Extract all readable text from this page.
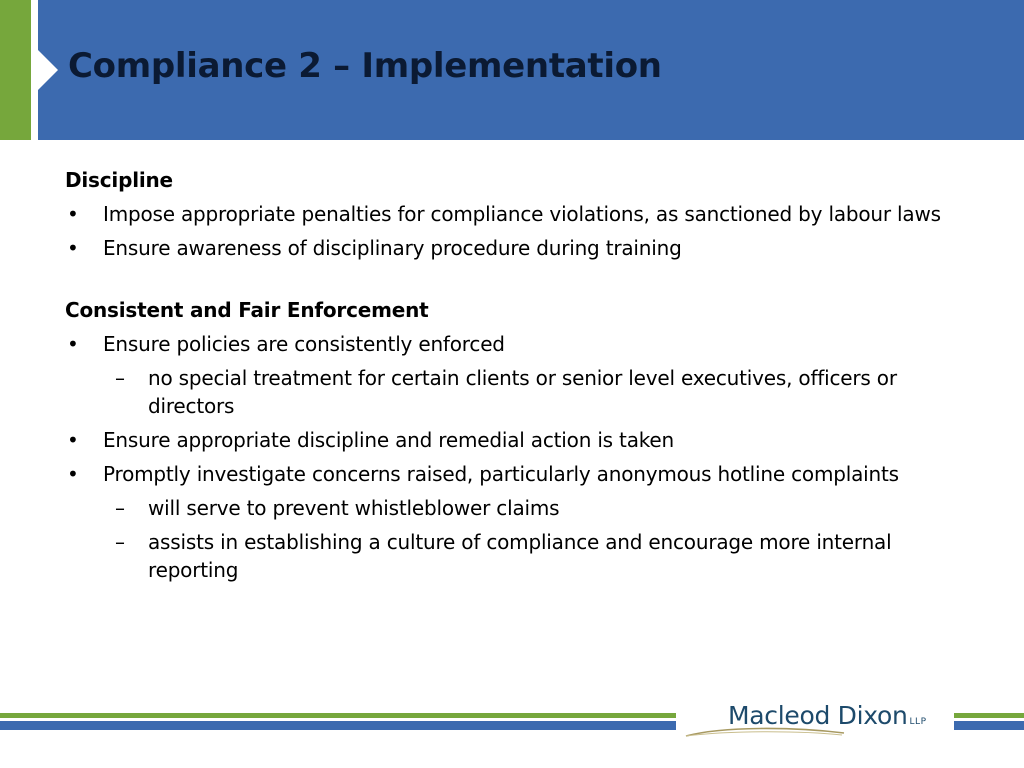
Compliance 2 – Implementation
Discipline
• Impose appropriate penalties for compliance violations, as sanctioned by labour laws
• Ensure awareness of disciplinary procedure during training
Consistent and Fair Enforcement
• Ensure policies are consistently enforced
– no special treatment for certain clients or senior level executives, officers or directors
• Ensure appropriate discipline and remedial action is taken
• Promptly investigate concerns raised, particularly anonymous hotline complaints
– will serve to prevent whistleblower claims
– assists in establishing a culture of compliance and encourage more internal reporting
Macleod Dixon LLP
